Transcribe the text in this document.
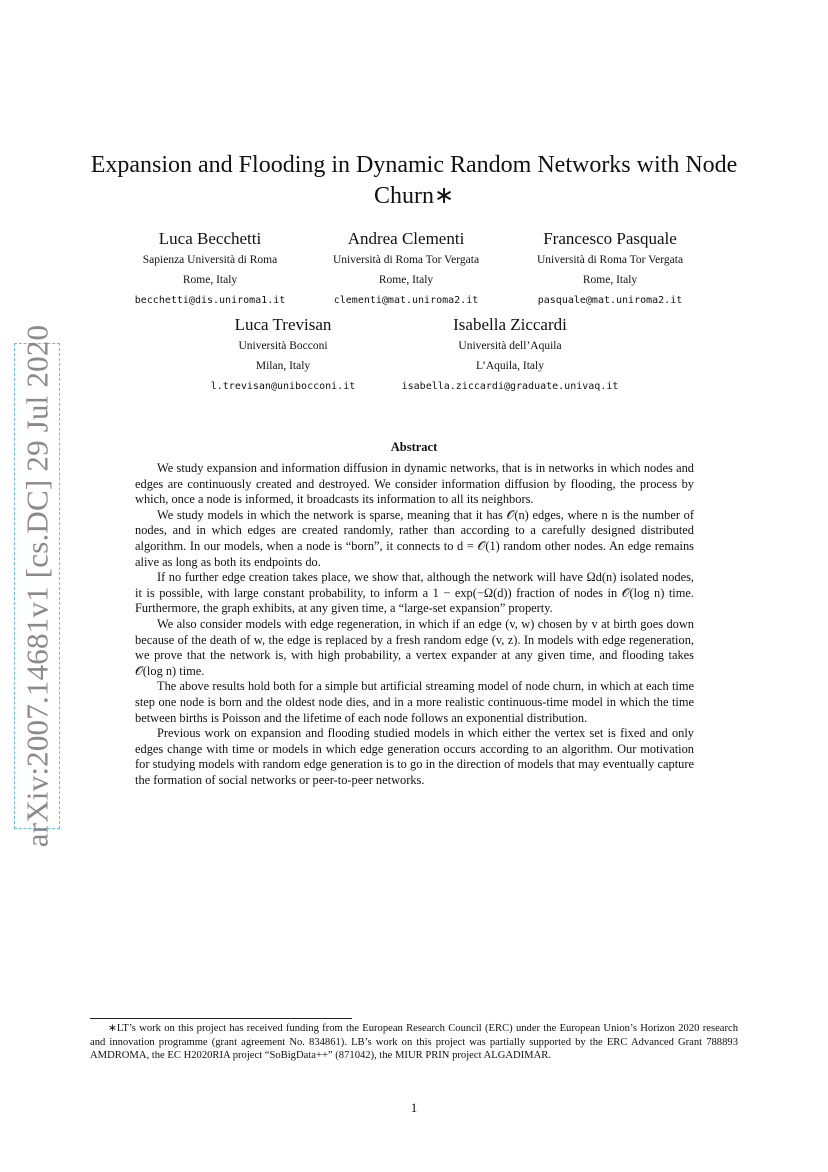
arXiv:2007.14681v1 [cs.DC] 29 Jul 2020
Expansion and Flooding in Dynamic Random Networks with Node Churn∗
Luca Becchetti
Sapienza Università di Roma
Rome, Italy
becchetti@dis.uniroma1.it
Andrea Clementi
Università di Roma Tor Vergata
Rome, Italy
clementi@mat.uniroma2.it
Francesco Pasquale
Università di Roma Tor Vergata
Rome, Italy
pasquale@mat.uniroma2.it
Luca Trevisan
Università Bocconi
Milan, Italy
l.trevisan@unibocconi.it
Isabella Ziccardi
Università dell’Aquila
L’Aquila, Italy
isabella.ziccardi@graduate.univaq.it
Abstract

We study expansion and information diffusion in dynamic networks, that is in networks in which nodes and edges are continuously created and destroyed. We consider information diffusion by flooding, the process by which, once a node is informed, it broadcasts its information to all its neighbors.

We study models in which the network is sparse, meaning that it has 𝒪(n) edges, where n is the number of nodes, and in which edges are created randomly, rather than according to a carefully designed distributed algorithm. In our models, when a node is “born”, it connects to d = 𝒪(1) random other nodes. An edge remains alive as long as both its endpoints do.

If no further edge creation takes place, we show that, although the network will have Ωd(n) isolated nodes, it is possible, with large constant probability, to inform a 1 − exp(−Ω(d)) fraction of nodes in 𝒪(log n) time. Furthermore, the graph exhibits, at any given time, a “large-set expansion” property.

We also consider models with edge regeneration, in which if an edge (v, w) chosen by v at birth goes down because of the death of w, the edge is replaced by a fresh random edge (v, z). In models with edge regeneration, we prove that the network is, with high probability, a vertex expander at any given time, and flooding takes 𝒪(log n) time.

The above results hold both for a simple but artificial streaming model of node churn, in which at each time step one node is born and the oldest node dies, and in a more realistic continuous-time model in which the time between births is Poisson and the lifetime of each node follows an exponential distribution.

Previous work on expansion and flooding studied models in which either the vertex set is fixed and only edges change with time or models in which edge generation occurs according to an algorithm. Our motivation for studying models with random edge generation is to go in the direction of models that may eventually capture the formation of social networks or peer-to-peer networks.

∗LT’s work on this project has received funding from the European Research Council (ERC) under the European Union’s Horizon 2020 research and innovation programme (grant agreement No. 834861). LB’s work on this project was partially supported by the ERC Advanced Grant 788893 AMDROMA, the EC H2020RIA project “SoBigData++” (871042), the MIUR PRIN project ALGADIMAR.
1
